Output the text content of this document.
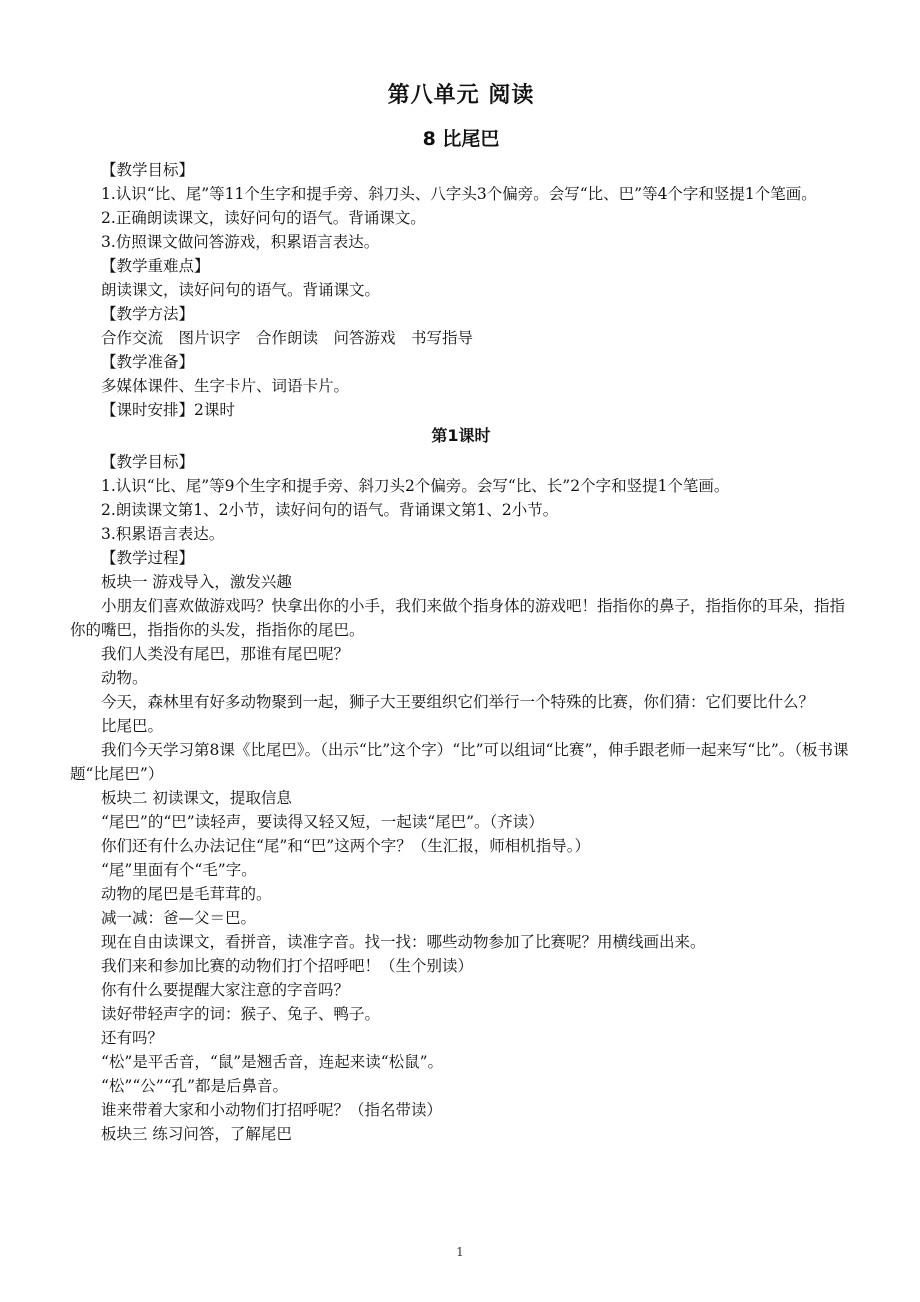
第八单元 阅读
8 比尾巴

【教学目标】

1.认识“比、尾”等11个生字和提手旁、斜刀头、八字头3个偏旁。会写“比、巴”等4个字和竖提1个笔画。

2.正确朗读课文，读好问句的语气。背诵课文。

3.仿照课文做问答游戏，积累语言表达。

【教学重难点】

朗读课文，读好问句的语气。背诵课文。

【教学方法】

合作交流　图片识字　合作朗读　问答游戏　书写指导

【教学准备】

多媒体课件、生字卡片、词语卡片。

【课时安排】2课时

第1课时

【教学目标】

1.认识“比、尾”等9个生字和提手旁、斜刀头2个偏旁。会写“比、长”2个字和竖提1个笔画。

2.朗读课文第1、2小节，读好问句的语气。背诵课文第1、2小节。

3.积累语言表达。

【教学过程】

板块一 游戏导入，激发兴趣

小朋友们喜欢做游戏吗？快拿出你的小手，我们来做个指身体的游戏吧！指指你的鼻子，指指你的耳朵，指指你的嘴巴，指指你的头发，指指你的尾巴。

我们人类没有尾巴，那谁有尾巴呢？

动物。

今天，森林里有好多动物聚到一起，狮子大王要组织它们举行一个特殊的比赛，你们猜：它们要比什么？

比尾巴。

我们今天学习第8课《比尾巴》。（出示“比”这个字）“比”可以组词“比赛”，伸手跟老师一起来写“比”。（板书课题“比尾巴”）

板块二 初读课文，提取信息

“尾巴”的“巴”读轻声，要读得又轻又短，一起读“尾巴”。（齐读）

你们还有什么办法记住“尾”和“巴”这两个字？（生汇报，师相机指导。）

“尾”里面有个“毛”字。

动物的尾巴是毛茸茸的。

减一减：爸—父＝巴。

现在自由读课文，看拼音，读准字音。找一找：哪些动物参加了比赛呢？用横线画出来。

我们来和参加比赛的动物们打个招呼吧！（生个别读）

你有什么要提醒大家注意的字音吗？

读好带轻声字的词：猴子、兔子、鸭子。

还有吗？

“松”是平舌音，“鼠”是翘舌音，连起来读“松鼠”。

“松”“公”“孔”都是后鼻音。

谁来带着大家和小动物们打招呼呢？（指名带读）

板块三 练习问答，了解尾巴

1
